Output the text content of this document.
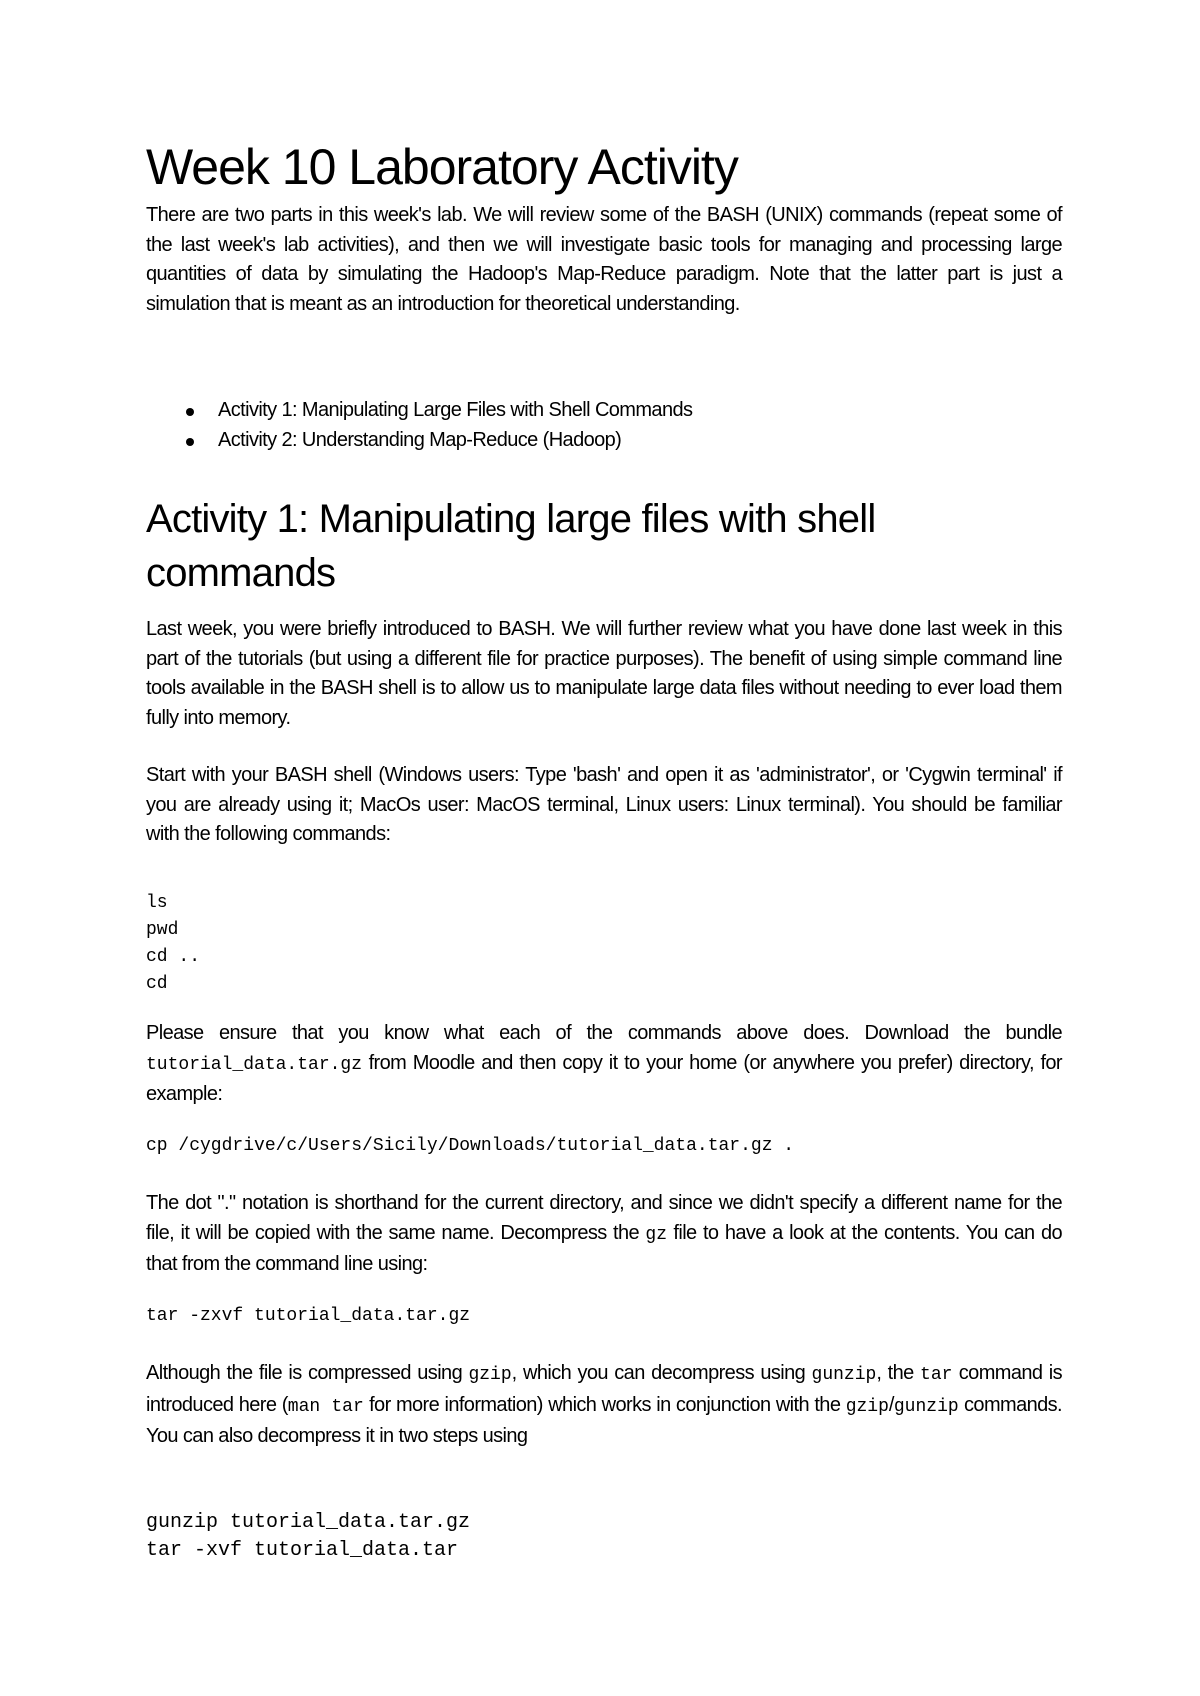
Week 10 Laboratory Activity

There are two parts in this week's lab. We will review some of the BASH (UNIX) commands (repeat some of the last week's lab activities), and then we will investigate basic tools for managing and processing large quantities of data by simulating the Hadoop's Map-Reduce paradigm. Note that the latter part is just a simulation that is meant as an introduction for theoretical understanding.

Activity 1: Manipulating Large Files with Shell Commands
Activity 2: Understanding Map-Reduce (Hadoop)
Activity 1: Manipulating large files with shell commands

Last week, you were briefly introduced to BASH. We will further review what you have done last week in this part of the tutorials (but using a different file for practice purposes). The benefit of using simple command line tools available in the BASH shell is to allow us to manipulate large data files without needing to ever load them fully into memory.

Start with your BASH shell (Windows users: Type 'bash' and open it as 'administrator', or 'Cygwin terminal' if you are already using it; MacOs user: MacOS terminal, Linux users: Linux terminal). You should be familiar with the following commands:

ls
pwd
cd ..
cd

Please ensure that you know what each of the commands above does. Download the bundle tutorial_data.tar.gz from Moodle and then copy it to your home (or anywhere you prefer) directory, for example:

cp /cygdrive/c/Users/Sicily/Downloads/tutorial_data.tar.gz .

The dot "." notation is shorthand for the current directory, and since we didn't specify a different name for the file, it will be copied with the same name. Decompress the gz file to have a look at the contents. You can do that from the command line using:

tar -zxvf tutorial_data.tar.gz

Although the file is compressed using gzip, which you can decompress using gunzip, the tar command is introduced here (man tar for more information) which works in conjunction with the gzip/gunzip commands. You can also decompress it in two steps using

gunzip tutorial_data.tar.gz
tar -xvf tutorial_data.tar
